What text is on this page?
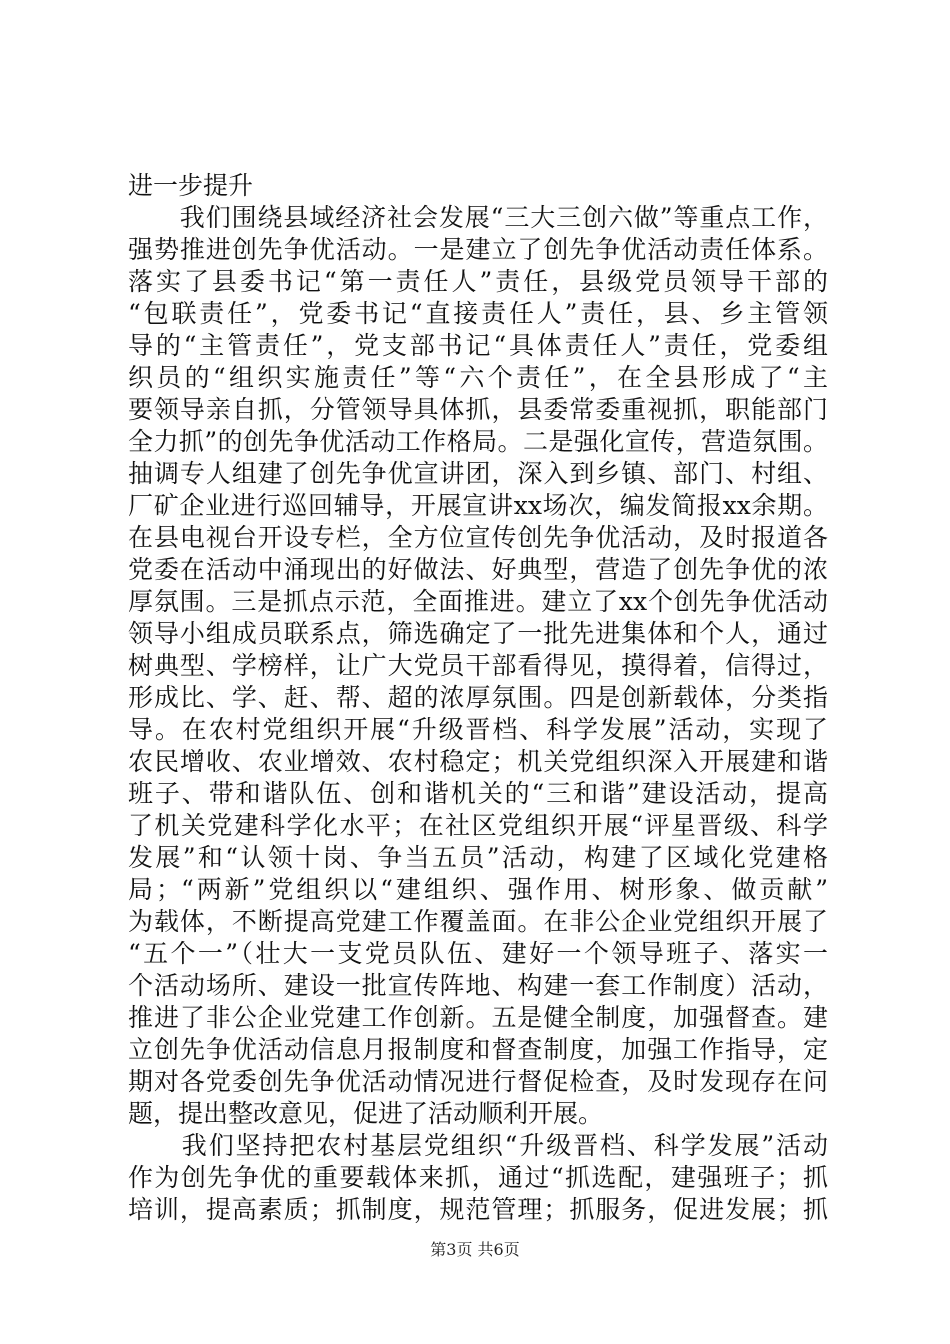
进一步提升
　　我们围绕县域经济社会发展“三大三创六做”等重点工作，
强势推进创先争优活动。一是建立了创先争优活动责任体系。
落实了县委书记“第一责任人”责任，县级党员领导干部的
“包联责任”，党委书记“直接责任人”责任，县、乡主管领
导的“主管责任”，党支部书记“具体责任人”责任，党委组
织员的“组织实施责任”等“六个责任”，在全县形成了“主
要领导亲自抓，分管领导具体抓，县委常委重视抓，职能部门
全力抓”的创先争优活动工作格局。二是强化宣传，营造氛围。
抽调专人组建了创先争优宣讲团，深入到乡镇、部门、村组、
厂矿企业进行巡回辅导，开展宣讲xx场次，编发简报xx余期。
在县电视台开设专栏，全方位宣传创先争优活动，及时报道各
党委在活动中涌现出的好做法、好典型，营造了创先争优的浓
厚氛围。三是抓点示范，全面推进。建立了xx个创先争优活动
领导小组成员联系点，筛选确定了一批先进集体和个人，通过
树典型、学榜样，让广大党员干部看得见，摸得着，信得过，
形成比、学、赶、帮、超的浓厚氛围。四是创新载体，分类指
导。在农村党组织开展“升级晋档、科学发展”活动，实现了
农民增收、农业增效、农村稳定；机关党组织深入开展建和谐
班子、带和谐队伍、创和谐机关的“三和谐”建设活动，提高
了机关党建科学化水平；在社区党组织开展“评星晋级、科学
发展”和“认领十岗、争当五员”活动，构建了区域化党建格
局；“两新”党组织以“建组织、强作用、树形象、做贡献”
为载体，不断提高党建工作覆盖面。在非公企业党组织开展了
“五个一”（壮大一支党员队伍、建好一个领导班子、落实一
个活动场所、建设一批宣传阵地、构建一套工作制度）活动，
推进了非公企业党建工作创新。五是健全制度，加强督查。建
立创先争优活动信息月报制度和督查制度，加强工作指导，定
期对各党委创先争优活动情况进行督促检查，及时发现存在问
题，提出整改意见，促进了活动顺利开展。
　　我们坚持把农村基层党组织“升级晋档、科学发展”活动
作为创先争优的重要载体来抓，通过“抓选配，建强班子；抓
培训，提高素质；抓制度，规范管理；抓服务，促进发展；抓
第3页 共6页
